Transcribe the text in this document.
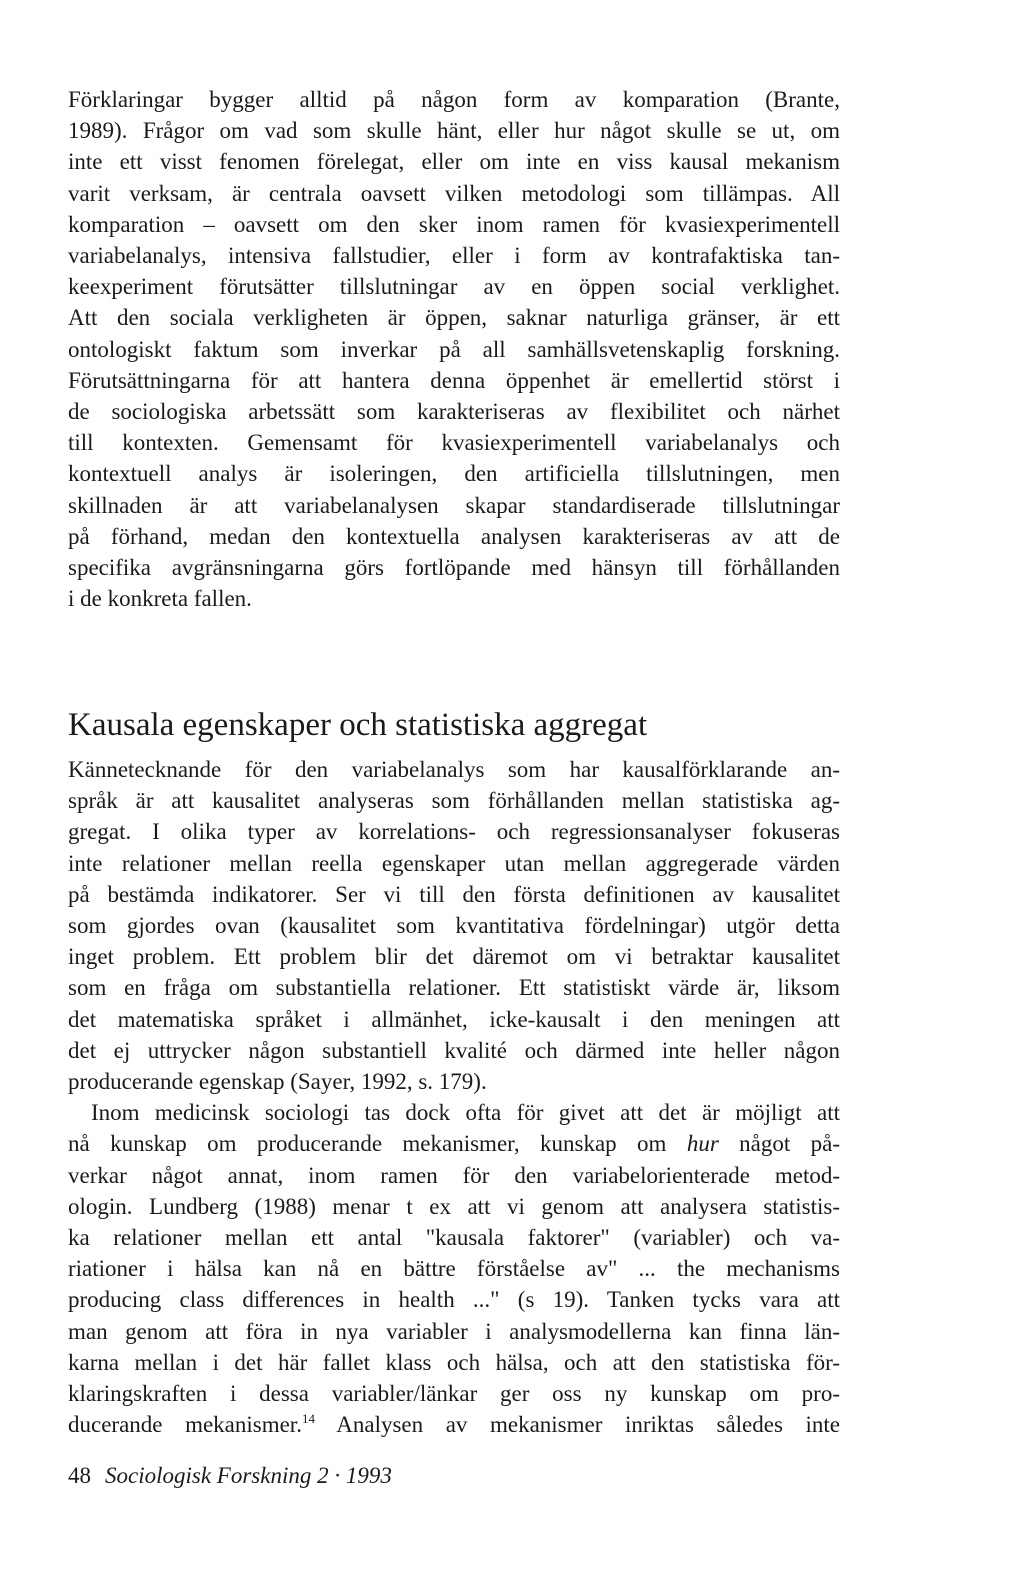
Förklaringar bygger alltid på någon form av komparation (Brante,
1989). Frågor om vad som skulle hänt, eller hur något skulle se ut, om
inte ett visst fenomen förelegat, eller om inte en viss kausal mekanism
varit verksam, är centrala oavsett vilken metodologi som tillämpas. All
komparation – oavsett om den sker inom ramen för kvasiexperimentell
variabelanalys, intensiva fallstudier, eller i form av kontrafaktiska tan-
keexperiment förutsätter tillslutningar av en öppen social verklighet.
Att den sociala verkligheten är öppen, saknar naturliga gränser, är ett
ontologiskt faktum som inverkar på all samhällsvetenskaplig forskning.
Förutsättningarna för att hantera denna öppenhet är emellertid störst i
de sociologiska arbetssätt som karakteriseras av flexibilitet och närhet
till kontexten. Gemensamt för kvasiexperimentell variabelanalys och
kontextuell analys är isoleringen, den artificiella tillslutningen, men
skillnaden är att variabelanalysen skapar standardiserade tillslutningar
på förhand, medan den kontextuella analysen karakteriseras av att de
specifika avgränsningarna görs fortlöpande med hänsyn till förhållanden
i de konkreta fallen.

Kausala egenskaper och statistiska aggregat

Kännetecknande för den variabelanalys som har kausalförklarande an-
språk är att kausalitet analyseras som förhållanden mellan statistiska ag-
gregat. I olika typer av korrelations- och regressionsanalyser fokuseras
inte relationer mellan reella egenskaper utan mellan aggregerade värden
på bestämda indikatorer. Ser vi till den första definitionen av kausalitet
som gjordes ovan (kausalitet som kvantitativa fördelningar) utgör detta
inget problem. Ett problem blir det däremot om vi betraktar kausalitet
som en fråga om substantiella relationer. Ett statistiskt värde är, liksom
det matematiska språket i allmänhet, icke-kausalt i den meningen att
det ej uttrycker någon substantiell kvalité och därmed inte heller någon
producerande egenskap (Sayer, 1992, s. 179).

Inom medicinsk sociologi tas dock ofta för givet att det är möjligt att
nå kunskap om producerande mekanismer, kunskap om hur något på-
verkar något annat, inom ramen för den variabelorienterade metod-
ologin. Lundberg (1988) menar t ex att vi genom att analysera statistis-
ka relationer mellan ett antal "kausala faktorer" (variabler) och va-
riationer i hälsa kan nå en bättre förståelse av" ... the mechanisms
producing class differences in health ..." (s 19). Tanken tycks vara att
man genom att föra in nya variabler i analysmodellerna kan finna län-
karna mellan i det här fallet klass och hälsa, och att den statistiska för-
klaringskraften i dessa variabler/länkar ger oss ny kunskap om pro-
ducerande mekanismer.$^{14}$ Analysen av mekanismer inriktas således inte

48 Sociologisk Forskning 2 · 1993
